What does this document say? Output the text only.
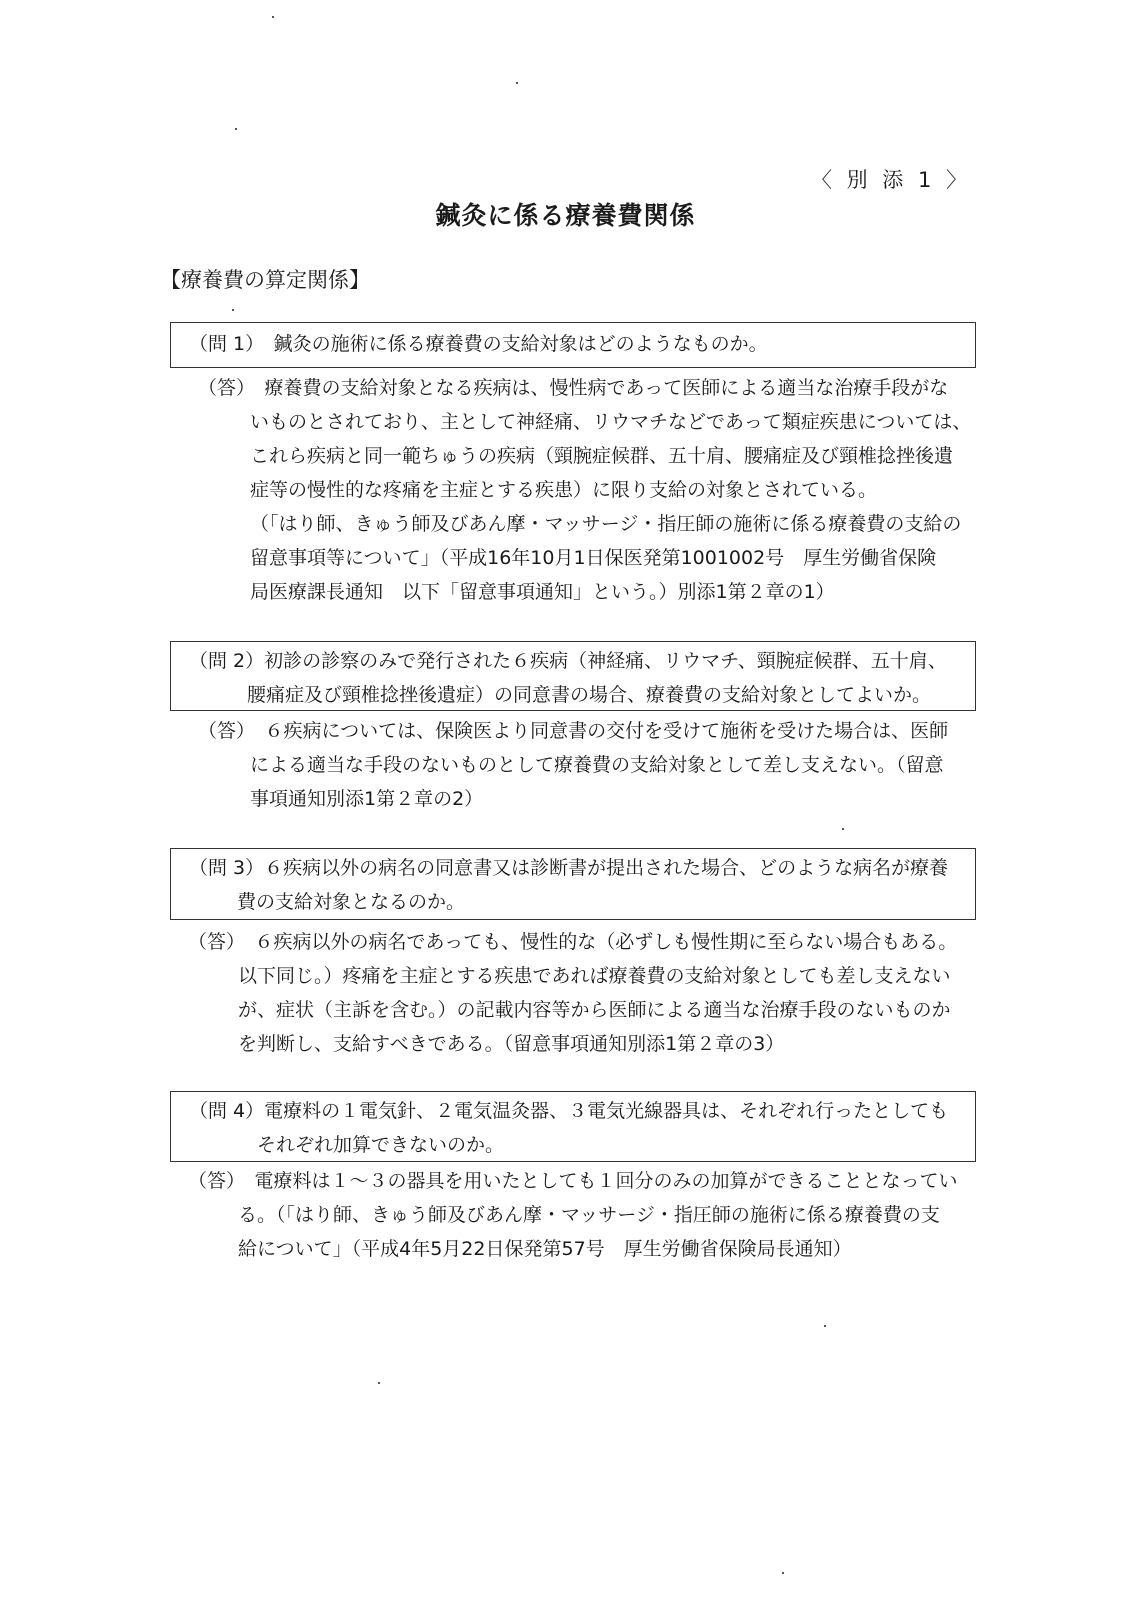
〈 別 添 1 〉
鍼灸に係る療養費関係
【療養費の算定関係】
（問 1）　鍼灸の施術に係る療養費の支給対象はどのようなものか。
（答）　療養費の支給対象となる疾病は、慢性病であって医師による適当な治療手段がな
いものとされており、主として神経痛、リウマチなどであって類症疾患については、
これら疾病と同一範ちゅうの疾病（頸腕症候群、五十肩、腰痛症及び頸椎捻挫後遺
症等の慢性的な疼痛を主症とする疾患）に限り支給の対象とされている。
（「はり師、きゅう師及びあん摩・マッサージ・指圧師の施術に係る療養費の支給の
留意事項等について」（平成16年10月1日保医発第1001002号　厚生労働省保険
局医療課長通知　以下「留意事項通知」という。）別添1第２章の1）
（問 2）初診の診察のみで発行された６疾病（神経痛、リウマチ、頸腕症候群、五十肩、
腰痛症及び頸椎捻挫後遺症）の同意書の場合、療養費の支給対象としてよいか。
（答）　６疾病については、保険医より同意書の交付を受けて施術を受けた場合は、医師
による適当な手段のないものとして療養費の支給対象として差し支えない。（留意
事項通知別添1第２章の2）
（問 3）６疾病以外の病名の同意書又は診断書が提出された場合、どのような病名が療養
費の支給対象となるのか。
（答）　６疾病以外の病名であっても、慢性的な（必ずしも慢性期に至らない場合もある。
以下同じ。）疼痛を主症とする疾患であれば療養費の支給対象としても差し支えない
が、症状（主訴を含む。）の記載内容等から医師による適当な治療手段のないものか
を判断し、支給すべきである。（留意事項通知別添1第２章の3）
（問 4）電療料の１電気針、２電気温灸器、３電気光線器具は、それぞれ行ったとしても
それぞれ加算できないのか。
（答）　電療料は１～３の器具を用いたとしても１回分のみの加算ができることとなってい
る。（「はり師、きゅう師及びあん摩・マッサージ・指圧師の施術に係る療養費の支
給について」（平成4年5月22日保発第57号　厚生労働省保険局長通知）
